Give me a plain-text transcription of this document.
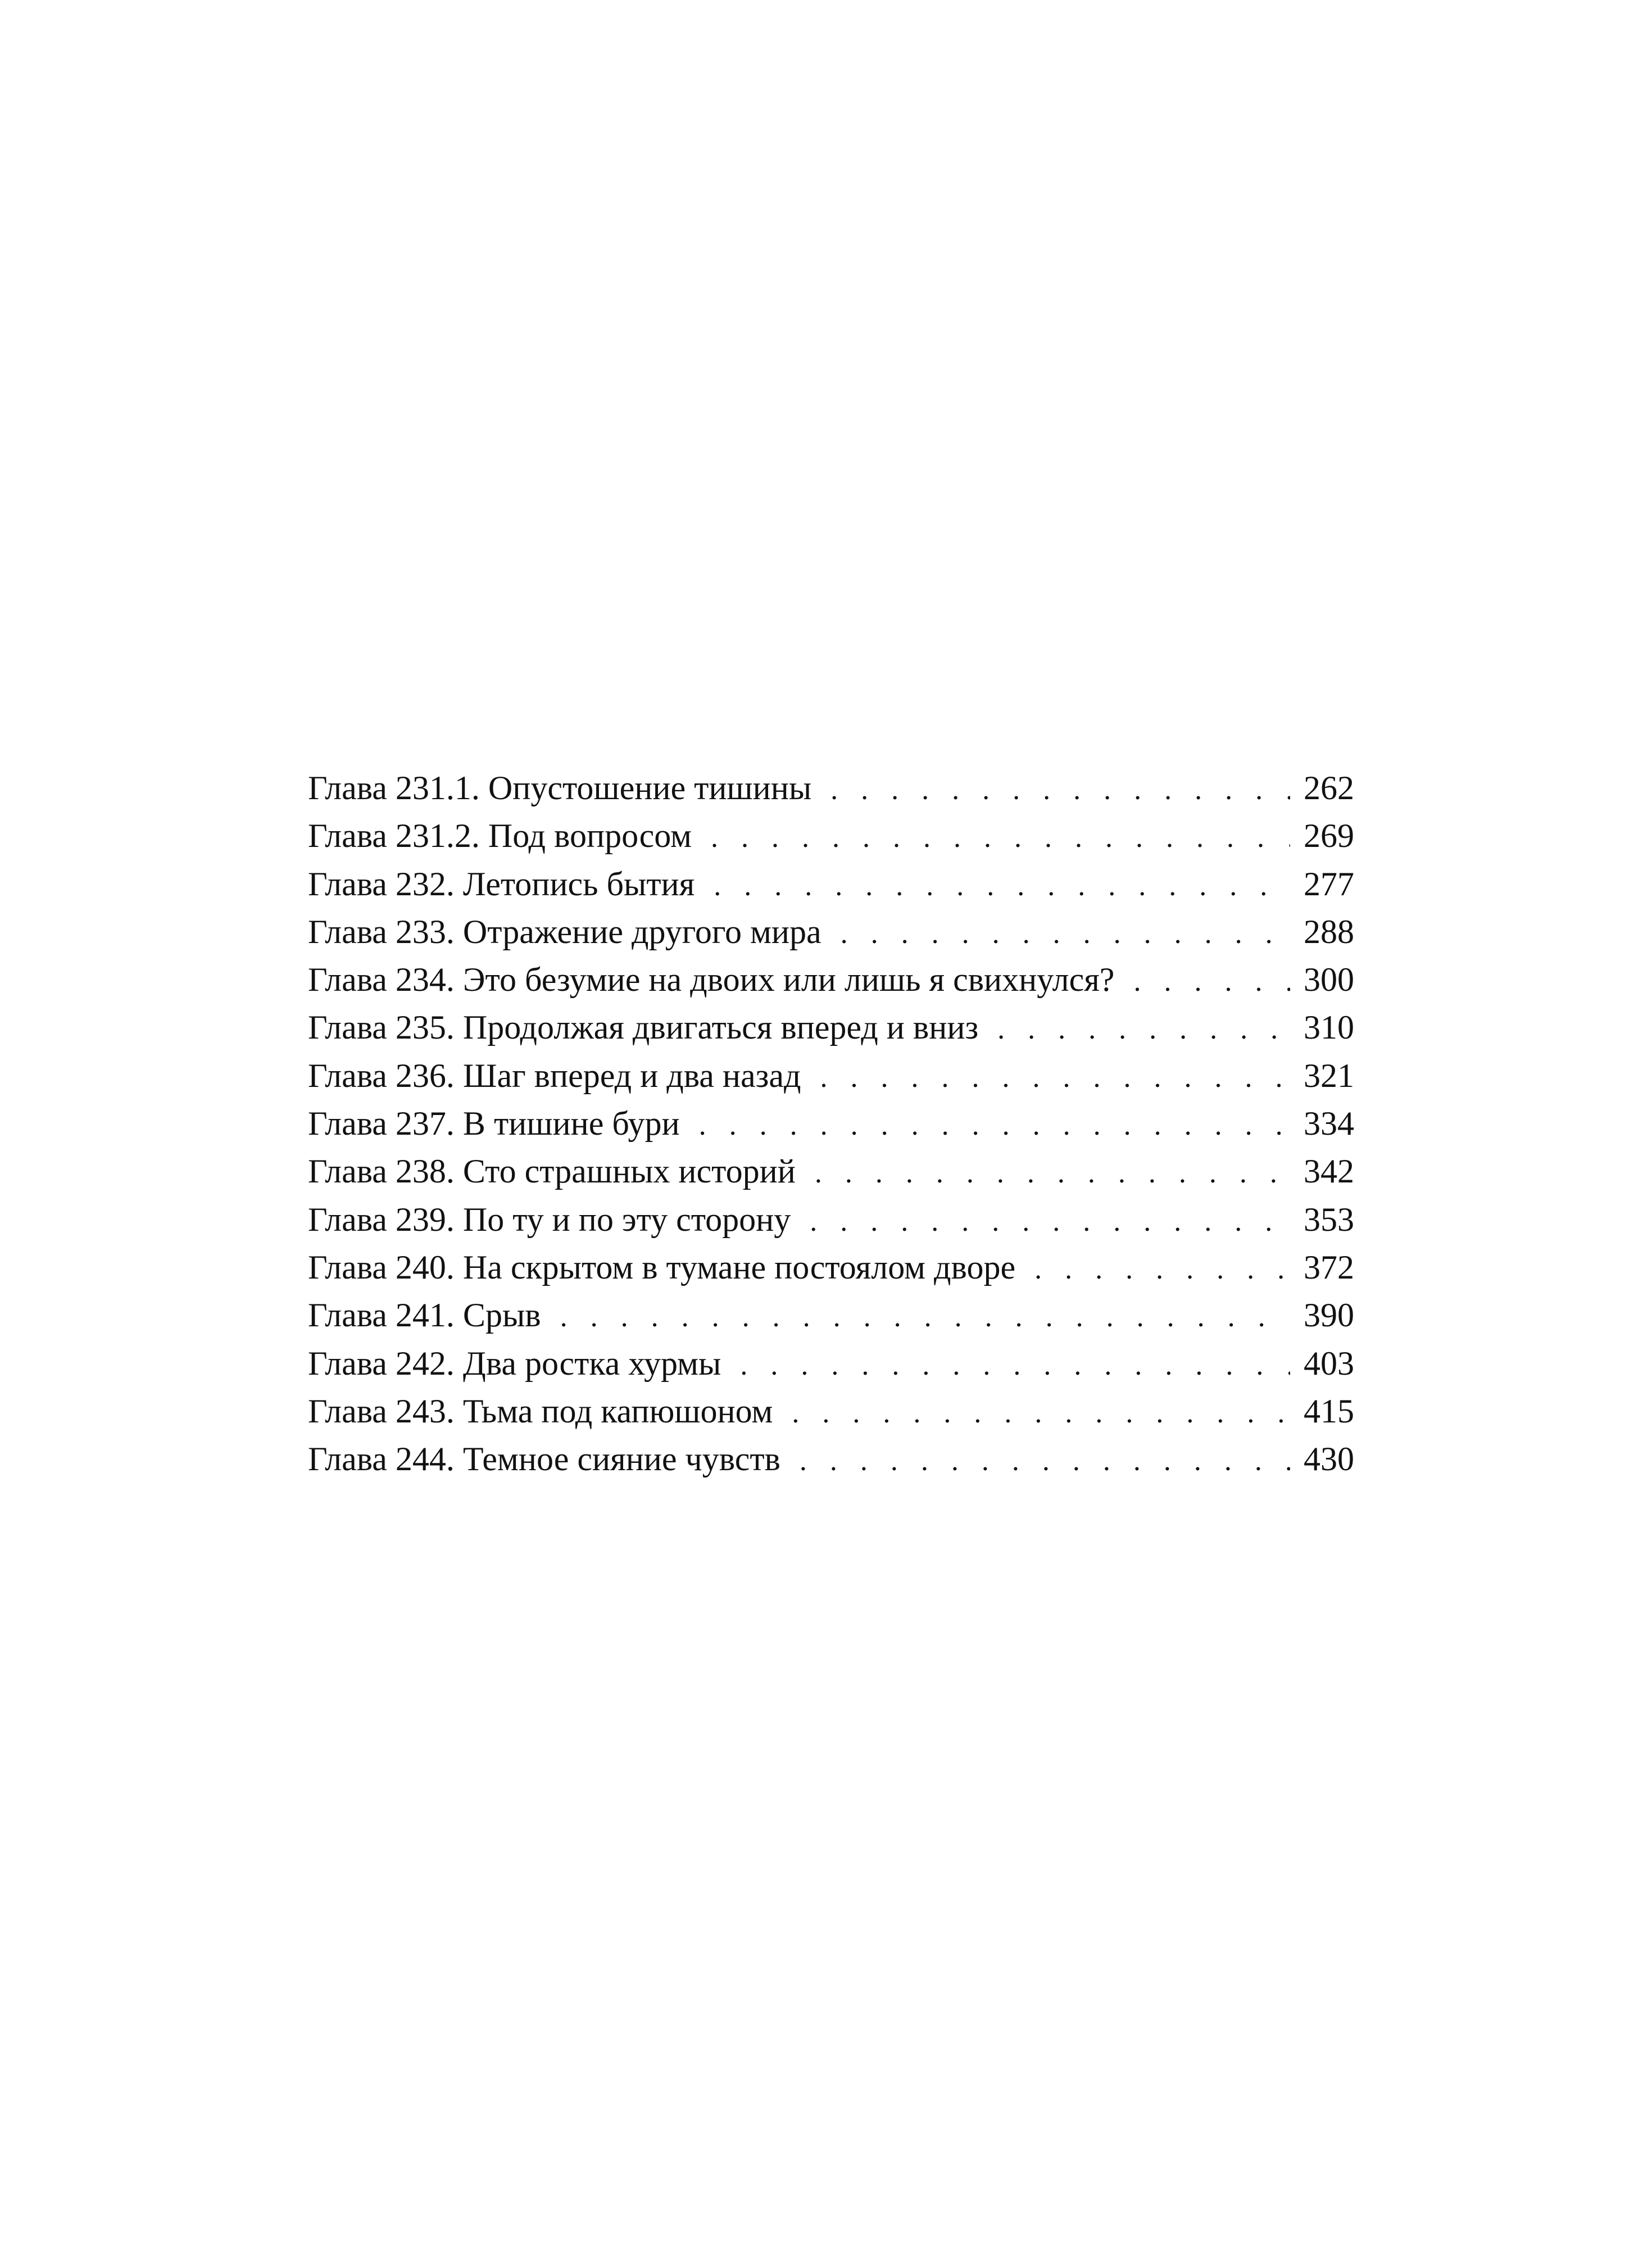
Глава 231.1. Опустошение тишины . . .	262
Глава 231.2. Под вопросом . . .	269
Глава 232. Летопись бытия . . .	277
Глава 233. Отражение другого мира . . .	288
Глава 234. Это безумие на двоих или лишь я свихнулся? . . .	300
Глава 235. Продолжая двигаться вперед и вниз . . .	310
Глава 236. Шаг вперед и два назад . . .	321
Глава 237. В тишине бури . . .	334
Глава 238. Сто страшных историй . . .	342
Глава 239. По ту и по эту сторону . . .	353
Глава 240. На скрытом в тумане постоялом дворе . . .	372
Глава 241. Срыв . . .	390
Глава 242. Два ростка хурмы . . .	403
Глава 243. Тьма под капюшоном . . .	415
Глава 244. Темное сияние чувств . . .	430
